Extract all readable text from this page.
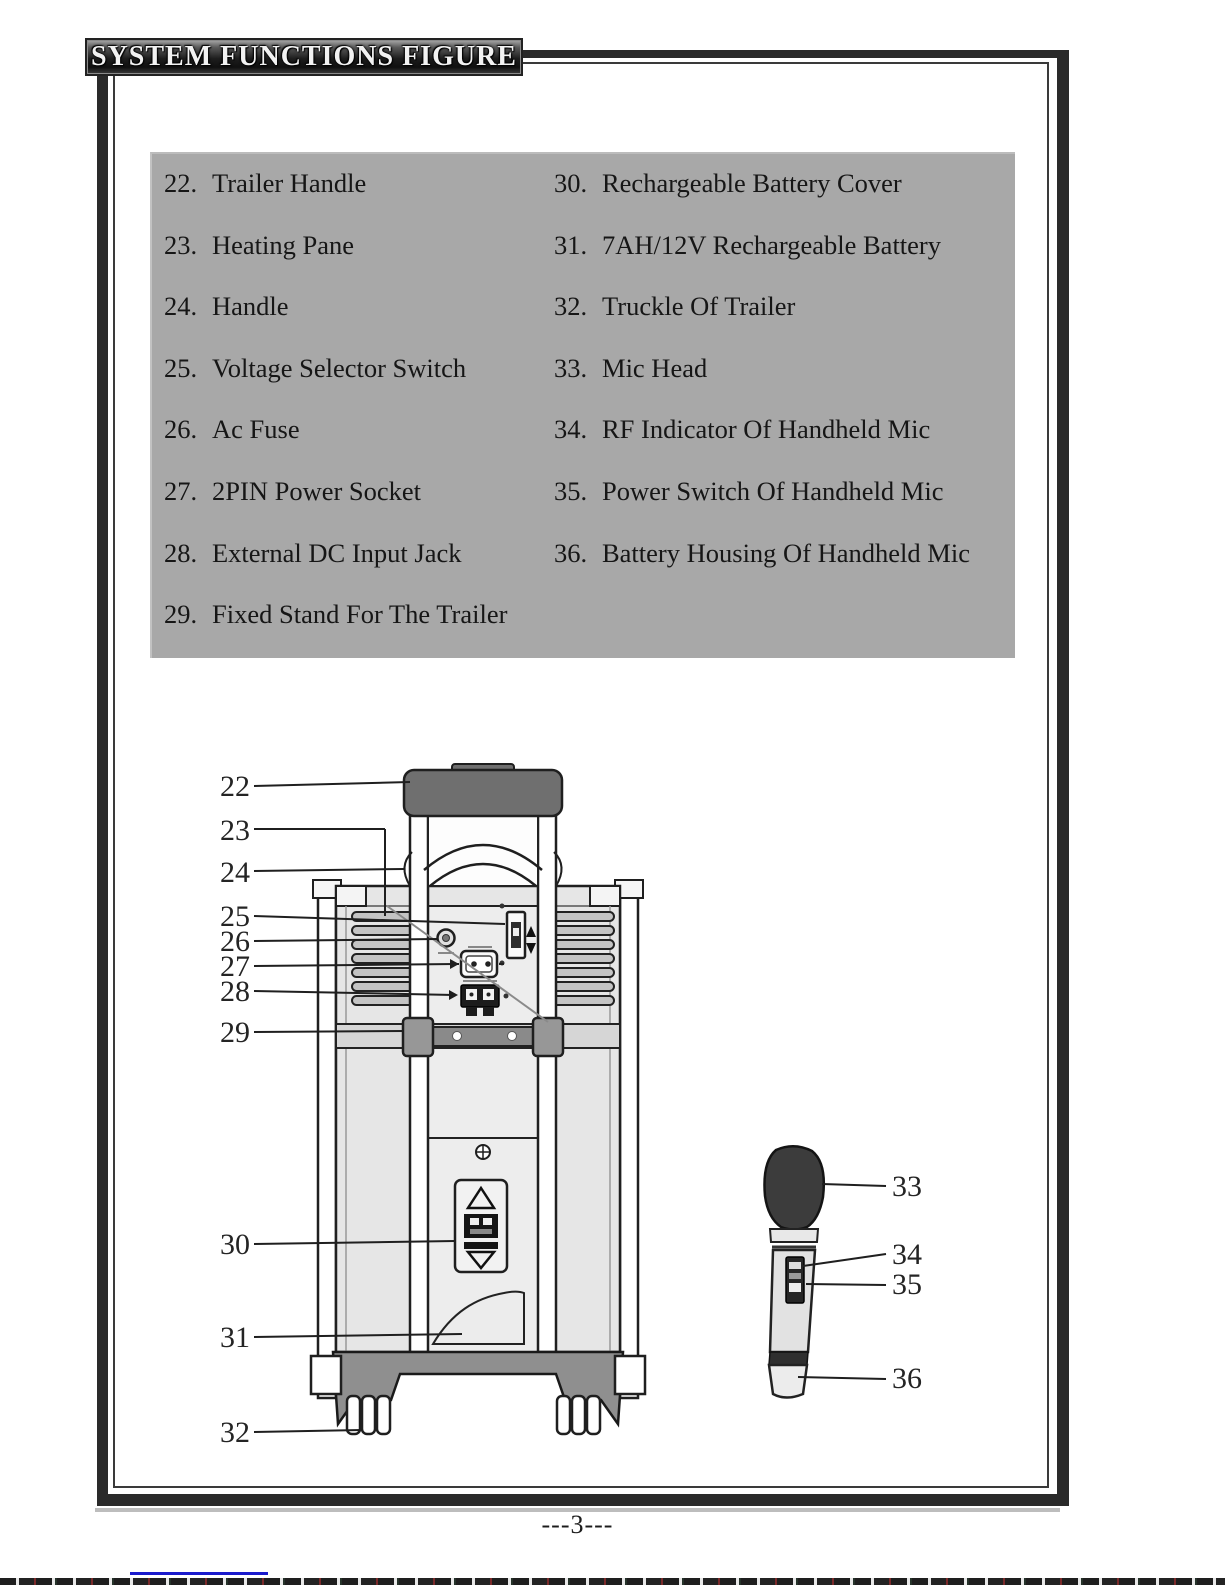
SYSTEM FUNCTIONS FIGURE
22. Trailer Handle
23. Heating Pane
24. Handle
25. Voltage Selector Switch
26. Ac Fuse
27. 2PIN Power Socket
28. External DC Input Jack
29. Fixed Stand For The Trailer
30. Rechargeable Battery Cover
31. 7AH/12V Rechargeable Battery
32. Truckle Of Trailer
33. Mic Head
34. RF Indicator Of Handheld Mic
35. Power Switch Of Handheld Mic
36. Battery Housing Of Handheld Mic
22
23
24
25
26
27
28
29
30
31
32
33
34
35
36
---3---
